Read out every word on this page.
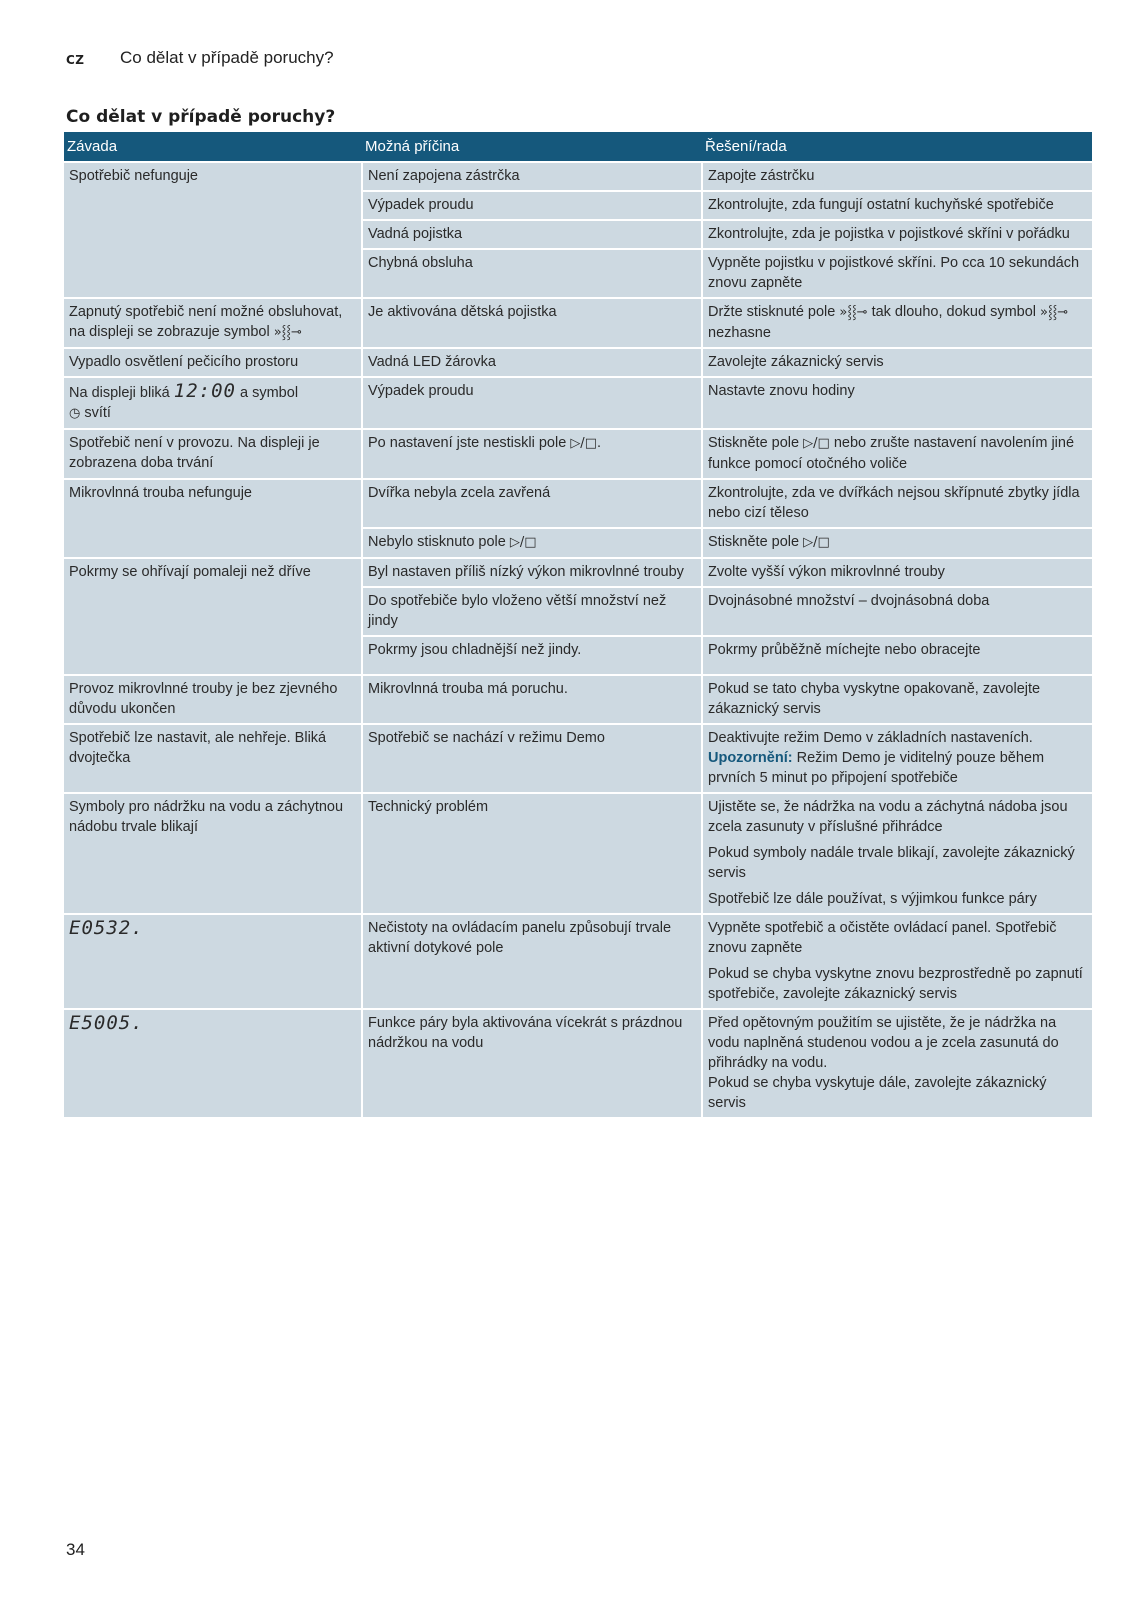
CZ Co dělat v případě poruchy?
Co dělat v případě poruchy?
Závada	Možná příčina	Řešení/rada
Spotřebič nefunguje	Není zapojena zástrčka	Zapojte zástrčku
	Výpadek proudu	Zkontrolujte, zda fungují ostatní kuchyňské spotřebiče
	Vadná pojistka	Zkontrolujte, zda je pojistka v pojistkové skříni v pořádku
	Chybná obsluha	Vypněte pojistku v pojistkové skříni. Po cca 10 sekundách znovu zapněte
Zapnutý spotřebič není možné obsluhovat, na displeji se zobrazuje symbol »⸾⸾⊸	Je aktivována dětská pojistka	Držte stisknuté pole »⸾⸾⊸ tak dlouho, dokud symbol »⸾⸾⊸ nezhasne
Vypadlo osvětlení pečicího prostoru	Vadná LED žárovka	Zavolejte zákaznický servis
Na displeji bliká 12:00 a symbol
◷ svítí	Výpadek proudu	Nastavte znovu hodiny
Spotřebič není v provozu. Na displeji je zobrazena doba trvání	Po nastavení jste nestiskli pole ▷/□.	Stiskněte pole ▷/□ nebo zrušte nastavení navolením jiné funkce pomocí otočného voliče
Mikrovlnná trouba nefunguje	Dvířka nebyla zcela zavřená	Zkontrolujte, zda ve dvířkách nejsou skřípnuté zbytky jídla nebo cizí těleso
	Nebylo stisknuto pole ▷/□	Stiskněte pole ▷/□
Pokrmy se ohřívají pomaleji než dříve	Byl nastaven příliš nízký výkon mikrovlnné trouby	Zvolte vyšší výkon mikrovlnné trouby
	Do spotřebiče bylo vloženo větší množství než jindy	Dvojnásobné množství – dvojnásobná doba
	Pokrmy jsou chladnější než jindy.	Pokrmy průběžně míchejte nebo obracejte
Provoz mikrovlnné trouby je bez zjevného důvodu ukončen	Mikrovlnná trouba má poruchu.	Pokud se tato chyba vyskytne opakovaně, zavolejte zákaznický servis
Spotřebič lze nastavit, ale nehřeje. Bliká dvojtečka	Spotřebič se nachází v režimu Demo	Deaktivujte režim Demo v základních nastaveních. Upozornění: Režim Demo je viditelný pouze během prvních 5 minut po připojení spotřebiče
Symboly pro nádržku na vodu a záchytnou nádobu trvale blikají	Technický problém	Ujistěte se, že nádržka na vodu a záchytná nádoba jsou zcela zasunuty v příslušné přihrádce
Pokud symboly nadále trvale blikají, zavolejte zákaznický servis
Spotřebič lze dále používat, s výjimkou funkce páry

E0532.	Nečistoty na ovládacím panelu způsobují trvale aktivní dotykové pole	Vypněte spotřebič a očistěte ovládací panel. Spotřebič znovu zapněte
Pokud se chyba vyskytne znovu bezprostředně po zapnutí spotřebiče, zavolejte zákaznický servis

E5005.	Funkce páry byla aktivována vícekrát s prázdnou nádržkou na vodu	Před opětovným použitím se ujistěte, že je nádržka na vodu naplněná studenou vodou a je zcela zasunutá do přihrádky na vodu.
Pokud se chyba vyskytuje dále, zavolejte zákaznický servis
34
